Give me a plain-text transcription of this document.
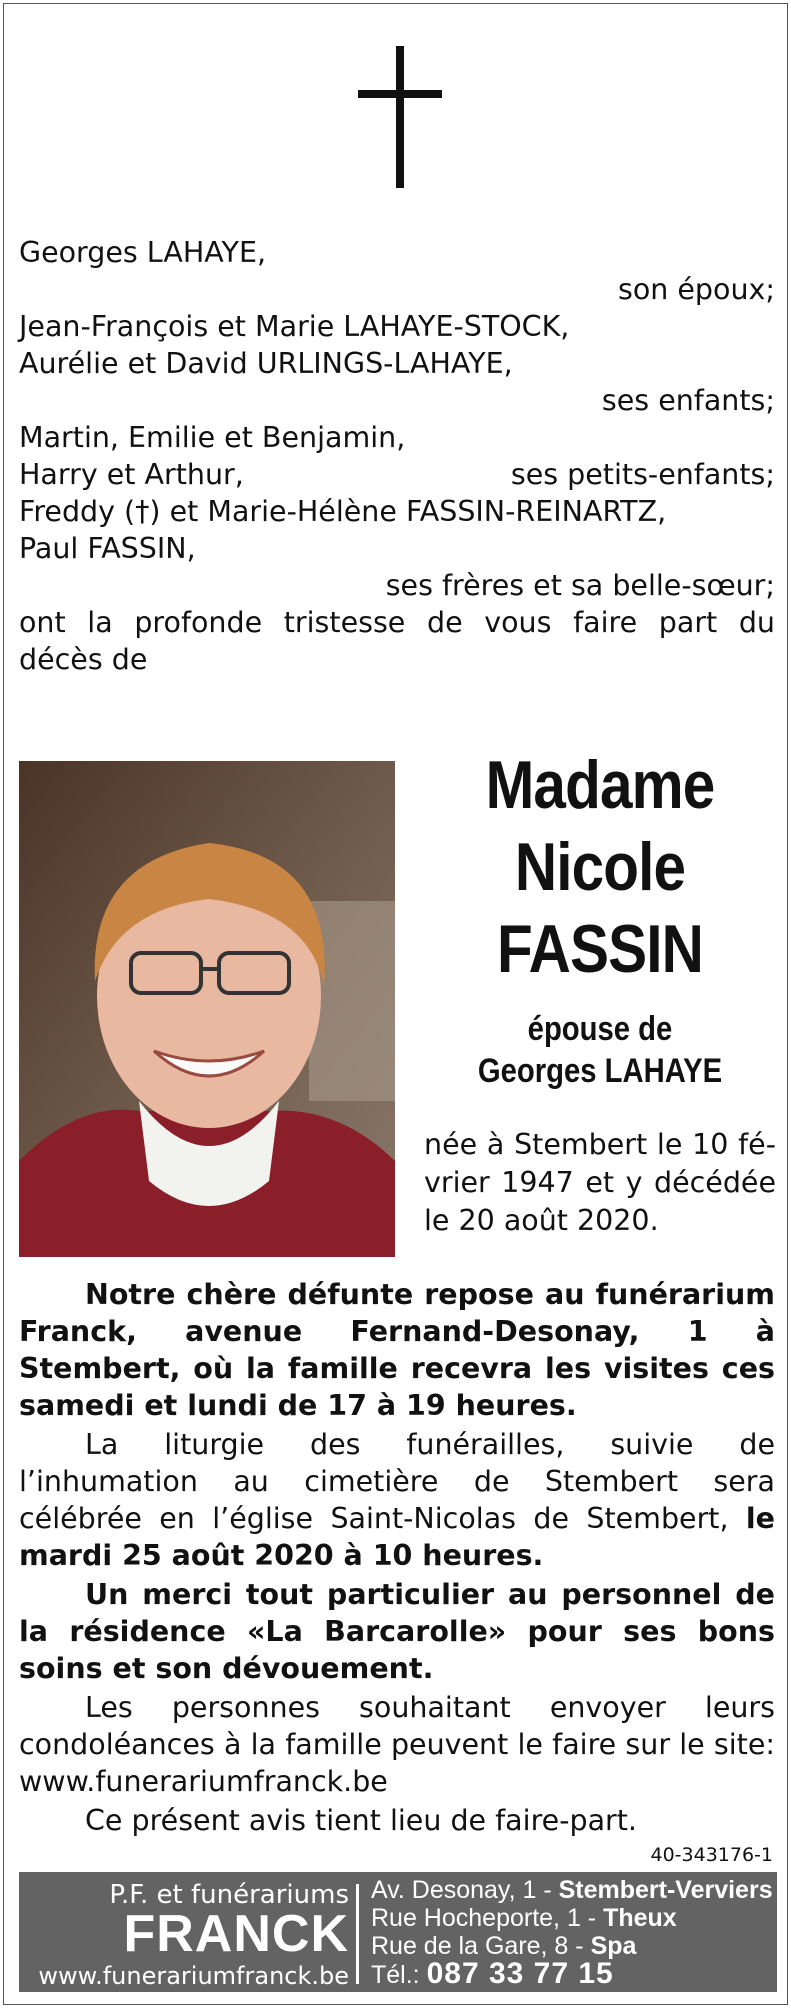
Georges LAHAYE,
son époux;
Jean-François et Marie LAHAYE-STOCK,
Aurélie et David URLINGS-LAHAYE,
ses enfants;
Martin, Emilie et Benjamin,
Harry et Arthur,	ses petits-enfants;
Freddy (†) et Marie-Hélène FASSIN-REINARTZ,
Paul FASSIN,
ses frères et sa belle-sœur;
ont la profonde tristesse de vous faire part du
décès de
Madame
Nicole
FASSIN
épouse de
Georges LAHAYE
née à Stembert le 10 fé-
vrier 1947 et y décédée
le 20 août 2020.

Notre chère défunte repose au funérarium Franck, avenue Fernand-Desonay, 1 à Stembert, où la famille recevra les visites ces samedi et lundi de 17 à 19 heures.

La liturgie des funérailles, suivie de l’inhumation au cimetière de Stembert sera célébrée en l’église Saint-Nicolas de Stembert, le mardi 25 août 2020 à 10 heures.

Un merci tout particulier au personnel de la résidence «La Barcarolle» pour ses bons soins et son dévouement.

Les personnes souhaitant envoyer leurs condoléances à la famille peuvent le faire sur le site: www.funerariumfranck.be

Ce présent avis tient lieu de faire-part.

40-343176-1
P.F. et funérariums
FRANCK
www.funerariumfranck.be
Av. Desonay, 1 - Stembert-Verviers
Rue Hocheporte, 1 - Theux
Rue de la Gare, 8 - Spa
Tél.: 087 33 77 15
